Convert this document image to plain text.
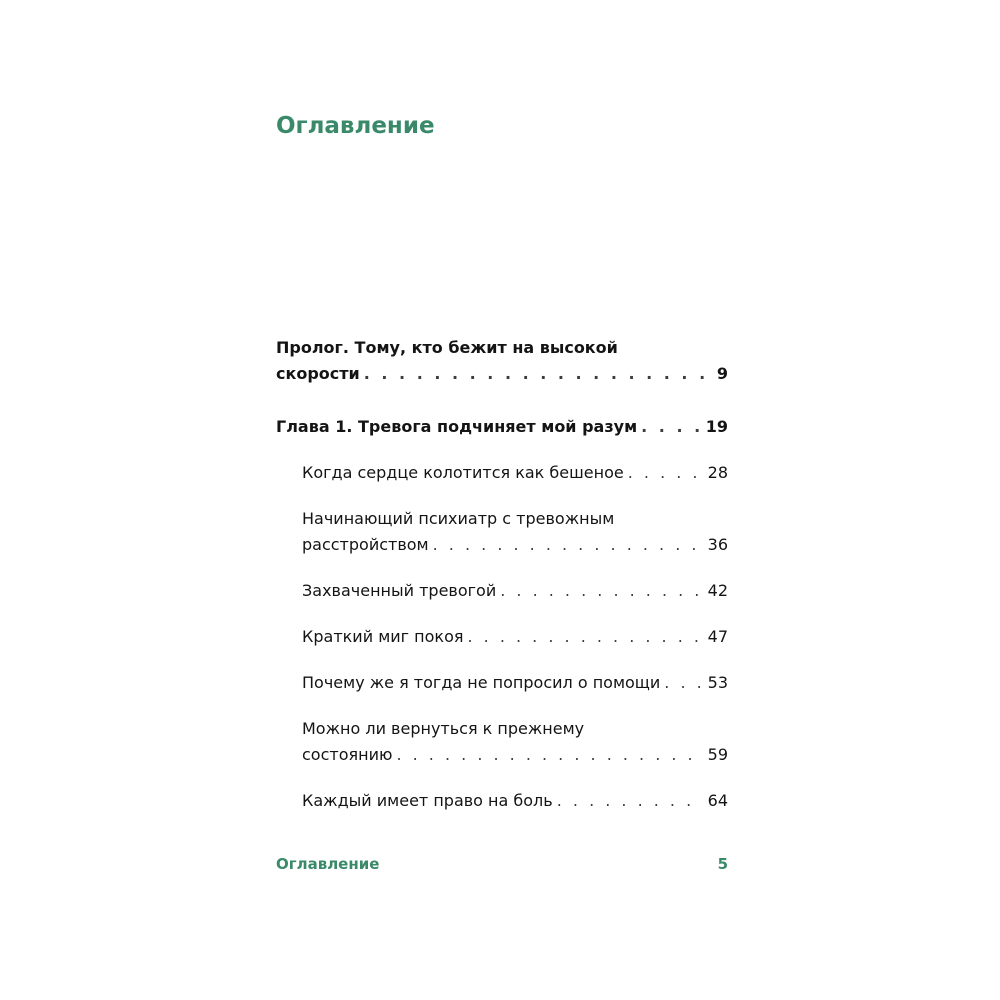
Оглавление
Пролог. Тому, кто бежит на высокой
скорости . . .	9
Глава 1. Тревога подчиняет мой разум . . .	19
Когда сердце колотится как бешеное . . .	28
Начинающий психиатр с тревожным
расстройством . . .	36
Захваченный тревогой . . .	42
Краткий миг покоя . . .	47
Почему же я тогда не попросил о помощи . . .	53
Можно ли вернуться к прежнему
состоянию . . .	59
Каждый имеет право на боль . . .	64
Оглавление	5
